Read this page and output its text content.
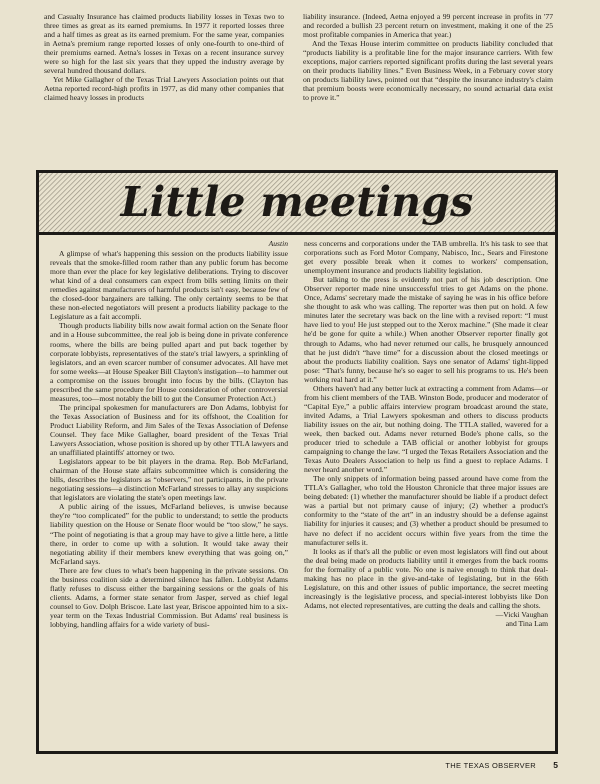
and Casualty Insurance has claimed products liability losses in Texas two to three times as great as its earned premiums. In 1977 it reported losses three and a half times as great as its earned premium. For the same year, companies in Aetna's premium range reported losses of only one-fourth to one-third of their premiums earned. Aetna's losses in Texas on a recent insurance survey were so high for the last six years that they upped the industry average by several hundred thousand dollars.

Yet Mike Gallagher of the Texas Trial Lawyers Association points out that Aetna reported record-high profits in 1977, as did many other companies that claimed heavy losses in products

liability insurance. (Indeed, Aetna enjoyed a 99 percent increase in profits in '77 and recorded a bullish 23 percent return on investment, making it one of the 25 most profitable companies in America that year.)

And the Texas House interim committee on products liability concluded that “products liability is a profitable line for the major insurance carriers. With few exceptions, major carriers reported significant profits during the last several years on their products liability lines.” Even Business Week, in a February cover story on products liability laws, pointed out that “despite the insurance industry's claim that premium boosts were economically necessary, no sound actuarial data exist to prove it.”

Little meetings
Austin

A glimpse of what's happening this session on the products liability issue reveals that the smoke-filled room rather than any public forum has become more than ever the place for key legislative deliberations. Trying to discover what kind of a deal consumers can expect from bills setting limits on their remedies against manufacturers of harmful products isn't easy, because few of the closed-door bargainers are talking. The only certainty seems to be that these non-elected negotiators will present a products liability package to the Legislature as a fait accompli.

Though products liability bills now await formal action on the Senate floor and in a House subcommittee, the real job is being done in private conference rooms, where the bills are being pulled apart and put back together by corporate lobbyists, representatives of the state's trial lawyers, a sprinkling of legislators, and an even scarcer number of consumer advocates. All have met for some weeks—at House Speaker Bill Clayton's instigation—to hammer out a compromise on the issues brought into focus by the bills. (Clayton has prescribed the same procedure for House consideration of other controversial measures, too—most notably the bill to gut the Consumer Protection Act.)

The principal spokesmen for manufacturers are Don Adams, lobbyist for the Texas Association of Business and for its offshoot, the Coalition for Product Liability Reform, and Jim Sales of the Texas Association of Defense Counsel. They face Mike Gallagher, board president of the Texas Trial Lawyers Association, whose position is shored up by other TTLA lawyers and an unaffiliated plaintiffs' attorney or two.

Legislators appear to be bit players in the drama. Rep. Bob McFarland, chairman of the House state affairs subcommittee which is considering the bills, describes the legislators as “observers,” not participants, in the private negotiating sessions—a distinction McFarland stresses to allay any suspicions that legislators are violating the state's open meetings law.

A public airing of the issues, McFarland believes, is unwise because they're “too complicated” for the public to understand; to settle the products liability question on the House or Senate floor would be “too slow,” he says. “The point of negotiating is that a group may have to give a little here, a little there, in order to come up with a solution. It would take away their negotiating ability if their members knew everything that was going on,” McFarland says.

There are few clues to what's been happening in the private sessions. On the business coalition side a determined silence has fallen. Lobbyist Adams flatly refuses to discuss either the bargaining sessions or the goals of his clients. Adams, a former state senator from Jasper, served as chief legal counsel to Gov. Dolph Briscoe. Late last year, Briscoe appointed him to a six-year term on the Texas Industrial Commission. But Adams' real business is lobbying, handling affairs for a wide variety of busi-

ness concerns and corporations under the TAB umbrella. It's his task to see that corporations such as Ford Motor Company, Nabisco, Inc., Sears and Firestone get every possible break when it comes to workers' compensation, unemployment insurance and products liability legislation.

But talking to the press is evidently not part of his job description. One Observer reporter made nine unsuccessful tries to get Adams on the phone. Once, Adams' secretary made the mistake of saying he was in his office before she thought to ask who was calling. The reporter was then put on hold. A few minutes later the secretary was back on the line with a revised report: “I must have lied to you! He just stepped out to the Xerox machine.” (She made it clear he'd be gone for quite a while.) When another Observer reporter finally got through to Adams, who had never returned our calls, he brusquely announced that he just didn't “have time” for a discussion about the closed meetings or about the products liability coalition. Says one senator of Adams' tight-lipped pose: “That's funny, because he's so eager to sell his programs to us. He's been working real hard at it.”

Others haven't had any better luck at extracting a comment from Adams—or from his client members of the TAB. Winston Bode, producer and moderator of “Capital Eye,” a public affairs interview program broadcast around the state, invited Adams, a Trial Lawyers spokesman and others to discuss products liability issues on the air, but nothing doing. The TTLA stalled, wavered for a week, then backed out. Adams never returned Bode's phone calls, so the producer tried to schedule a TAB official or another lobbyist for groups campaigning to change the law. “I urged the Texas Retailers Association and the Texas Auto Dealers Association to help us find a guest to replace Adams. I never heard another word.”

The only snippets of information being passed around have come from the TTLA's Gallagher, who told the Houston Chronicle that three major issues are being debated: (1) whether the manufacturer should be liable if a product defect was a partial but not primary cause of injury; (2) whether a product's conformity to the “state of the art” in an industry should be a defense against liability for injuries it causes; and (3) whether a product should be presumed to have no defect if no accident occurs within five years from the time the manufacturer sells it.

It looks as if that's all the public or even most legislators will find out about the deal being made on products liability until it emerges from the back rooms for the formality of a public vote. No one is naive enough to think that deal-making has no place in the give-and-take of legislating, but in the 66th Legislature, on this and other issues of public importance, the secret meeting increasingly is the legislative process, and special-interest lobbyists like Don Adams, not elected representatives, are cutting the deals and calling the shots.

—Vicki Vaughan
and Tina Lam
THE TEXAS OBSERVER 5
